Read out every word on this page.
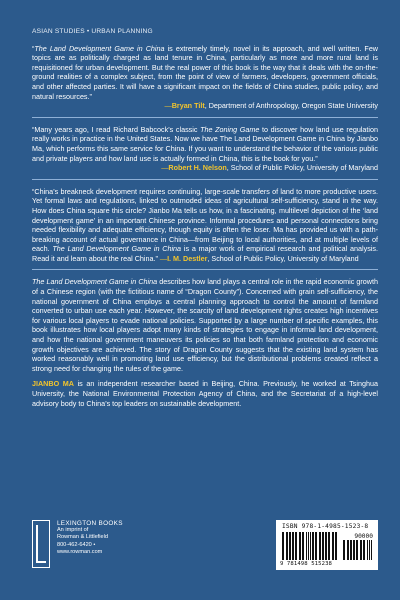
ASIAN STUDIES • URBAN PLANNING
“The Land Development Game in China is extremely timely, novel in its approach, and well written. Few topics are as politically charged as land tenure in China, particularly as more and more rural land is requisitioned for urban development. But the real power of this book is the way that it deals with the on-the-ground realities of a complex subject, from the point of view of farmers, developers, government officials, and other affected parties. It will have a significant impact on the fields of China studies, public policy, and natural resources.”
—Bryan Tilt, Department of Anthropology, Oregon State University
“Many years ago, I read Richard Babcock’s classic The Zoning Game to discover how land use regulation really works in practice in the United States. Now we have The Land Development Game in China by Jianbo Ma, which performs this same service for China. If you want to understand the behavior of the various public and private players and how land use is actually formed in China, this is the book for you.”
—Robert H. Nelson, School of Public Policy, University of Maryland
“China’s breakneck development requires continuing, large-scale transfers of land to more productive users. Yet formal laws and regulations, linked to outmoded ideas of agricultural self-sufficiency, stand in the way. How does China square this circle? Jianbo Ma tells us how, in a fascinating, multilevel depiction of the ‘land development game’ in an important Chinese province. Informal procedures and personal connections bring needed flexibility and adequate efficiency, though equity is often the loser. Ma has provided us with a path-breaking account of actual governance in China—from Beijing to local authorities, and at multiple levels of each. The Land Development Game in China is a major work of empirical research and political analysis. Read it and learn about the real China.” —I. M. Destler, School of Public Policy, University of Maryland
The Land Development Game in China describes how land plays a central role in the rapid economic growth of a Chinese region (with the fictitious name of “Dragon County”). Concerned with grain self-sufficiency, the national government of China employs a central planning approach to control the amount of farmland converted to urban use each year. However, the scarcity of land development rights creates high incentives for various local players to evade national policies. Supported by a large number of specific examples, this book illustrates how local players adopt many kinds of strategies to engage in informal land development, and how the national government maneuvers its policies so that both farmland protection and economic growth objectives are achieved. The story of Dragon County suggests that the existing land system has worked reasonably well in promoting land use efficiency, but the distributional problems created reflect a strong need for changing the rules of the game.
JIANBO MA is an independent researcher based in Beijing, China. Previously, he worked at Tsinghua University, the National Environmental Protection Agency of China, and the Secretariat of a high-level advisory body to China’s top leaders on sustainable development.
LEXINGTON BOOKS
An imprint of
Rowman & Littlefield
800-462-6420 • www.rowman.com
ISBN 978-1-4985-1523-8
90000
9 781498 515238
